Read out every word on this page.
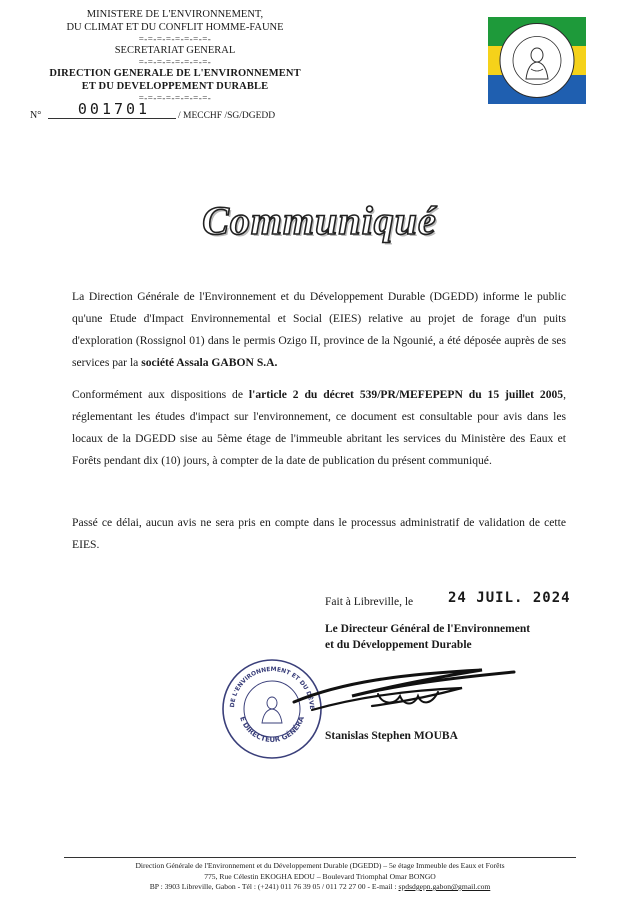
MINISTERE DE L'ENVIRONNEMENT,
DU CLIMAT ET DU CONFLIT HOMME-FAUNE
=-=-=-=-=-=-=-=-
SECRETARIAT GENERAL
=-=-=-=-=-=-=-=-
DIRECTION GENERALE DE L'ENVIRONNEMENT
ET DU DEVELOPPEMENT DURABLE
=-=-=-=-=-=-=-=-
N°	001701	/ MECCHF /SG/DGEDD
Communiqué
La Direction Générale de l'Environnement et du Développement Durable (DGEDD) informe le public qu'une Etude d'Impact Environnemental et Social (EIES) relative au projet de forage d'un puits d'exploration (Rossignol 01) dans le permis Ozigo II, province de la Ngounié, a été déposée auprès de ses services par la société Assala GABON S.A.
Conformément aux dispositions de l'article 2 du décret 539/PR/MEFEPEPN du 15 juillet 2005, réglementant les études d'impact sur l'environnement, ce document est consultable pour avis dans les locaux de la DGEDD sise au 5ème étage de l'immeuble abritant les services du Ministère des Eaux et Forêts pendant dix (10) jours, à compter de la date de publication du présent communiqué.
Passé ce délai, aucun avis ne sera pris en compte dans le processus administratif de validation de cette EIES.
Fait à Libreville, le 24 JUIL. 2024
Le Directeur Général de l'Environnement
et du Développement Durable
DE L'ENVIRONNEMENT ET DU DÉVE
E DIRECTEUR GÉNÉRA
Stanislas Stephen MOUBA
Direction Générale de l'Environnement et du Développement Durable (DGEDD) – 5e étage Immeuble des Eaux et Forêts
775, Rue Célestin EKOGHA EDOU – Boulevard Triomphal Omar BONGO
BP : 3903 Libreville, Gabon - Tél : (+241) 011 76 39 05 / 011 72 27 00 - E-mail : spdsdgepn.gabon@gmail.com
